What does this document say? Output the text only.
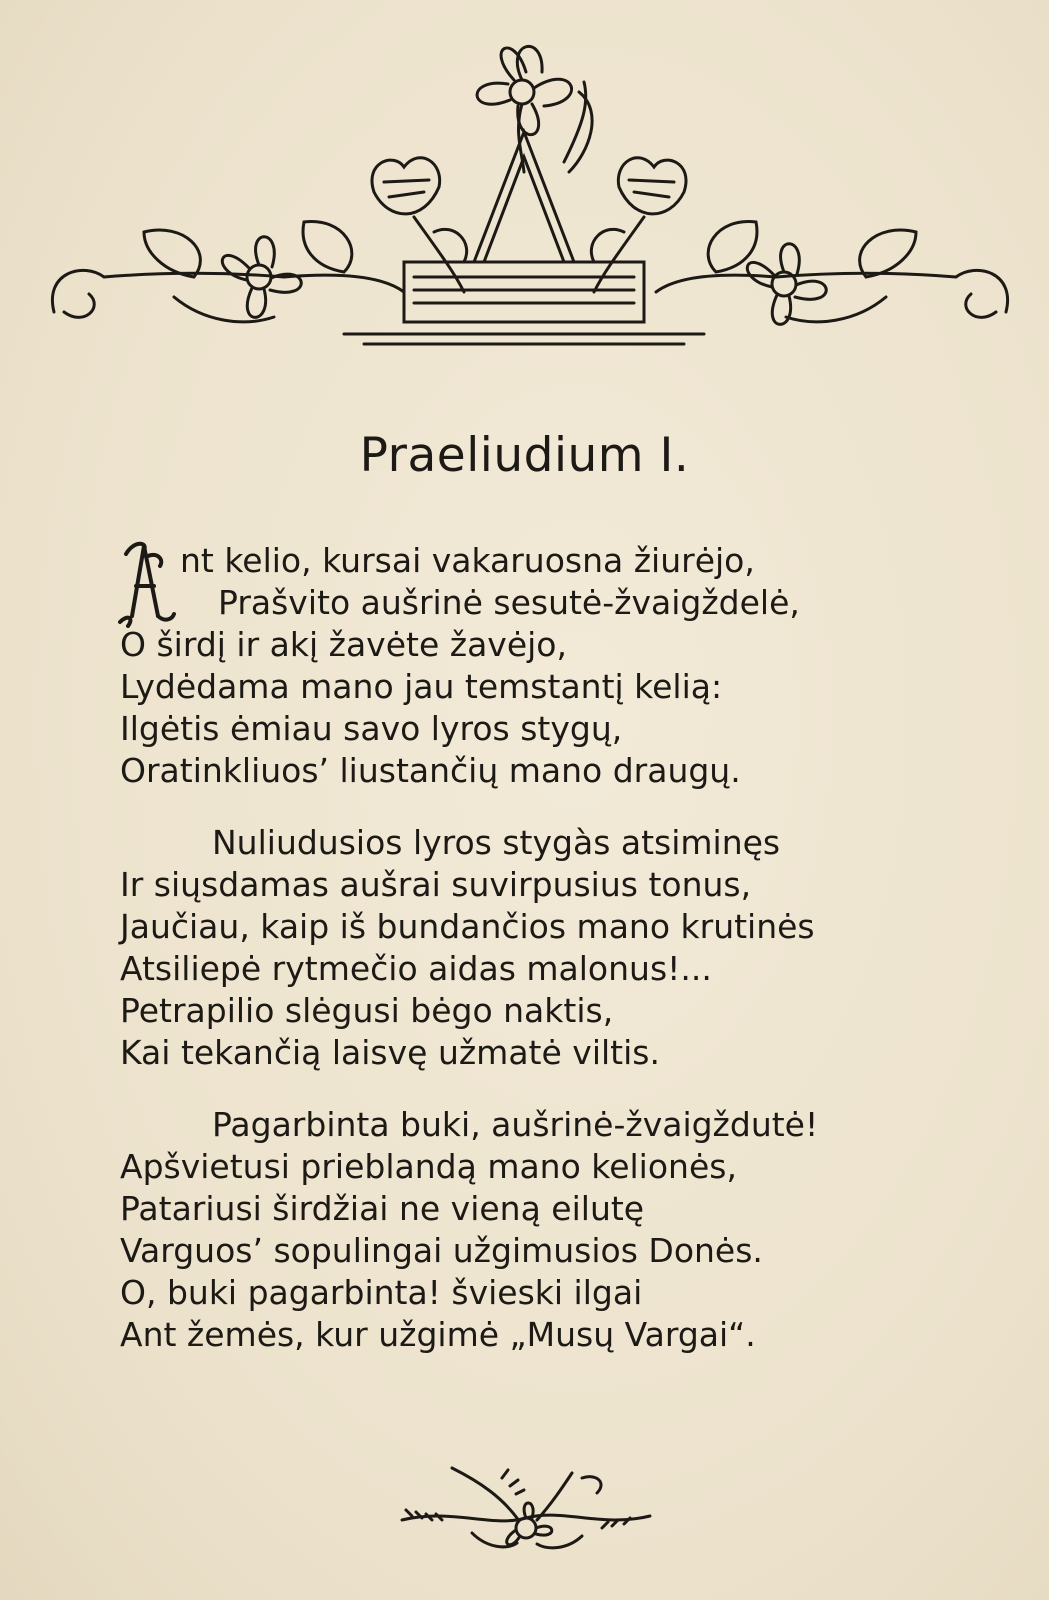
Praeliudium I.
nt kelio, kursai vakaruosna žiurėjo,
Prašvito aušrinė sesutė-žvaigždelė,
O širdį ir akį žavėte žavėjo,
Lydėdama mano jau temstantį kelią:
Ilgėtis ėmiau savo lyros stygų,
Oratinkliuos’ liustančių mano draugų.
Nuliudusios lyros stygàs atsiminęs
Ir siųsdamas aušrai suvirpusius tonus,
Jaučiau, kaip iš bundančios mano krutinės
Atsiliepė rytmečio aidas malonus!...
Petrapilio slėgusi bėgo naktis,
Kai tekančią laisvę užmatė viltis.
Pagarbinta buki, aušrinė-žvaigždutė!
Apšvietusi prieblandą mano kelionės,
Patariusi širdžiai ne vieną eilutę
Varguos’ sopulingai užgimusios Donės.
O, buki pagarbinta! švieski ilgai
Ant žemės, kur užgimė „Musų Vargai“.
